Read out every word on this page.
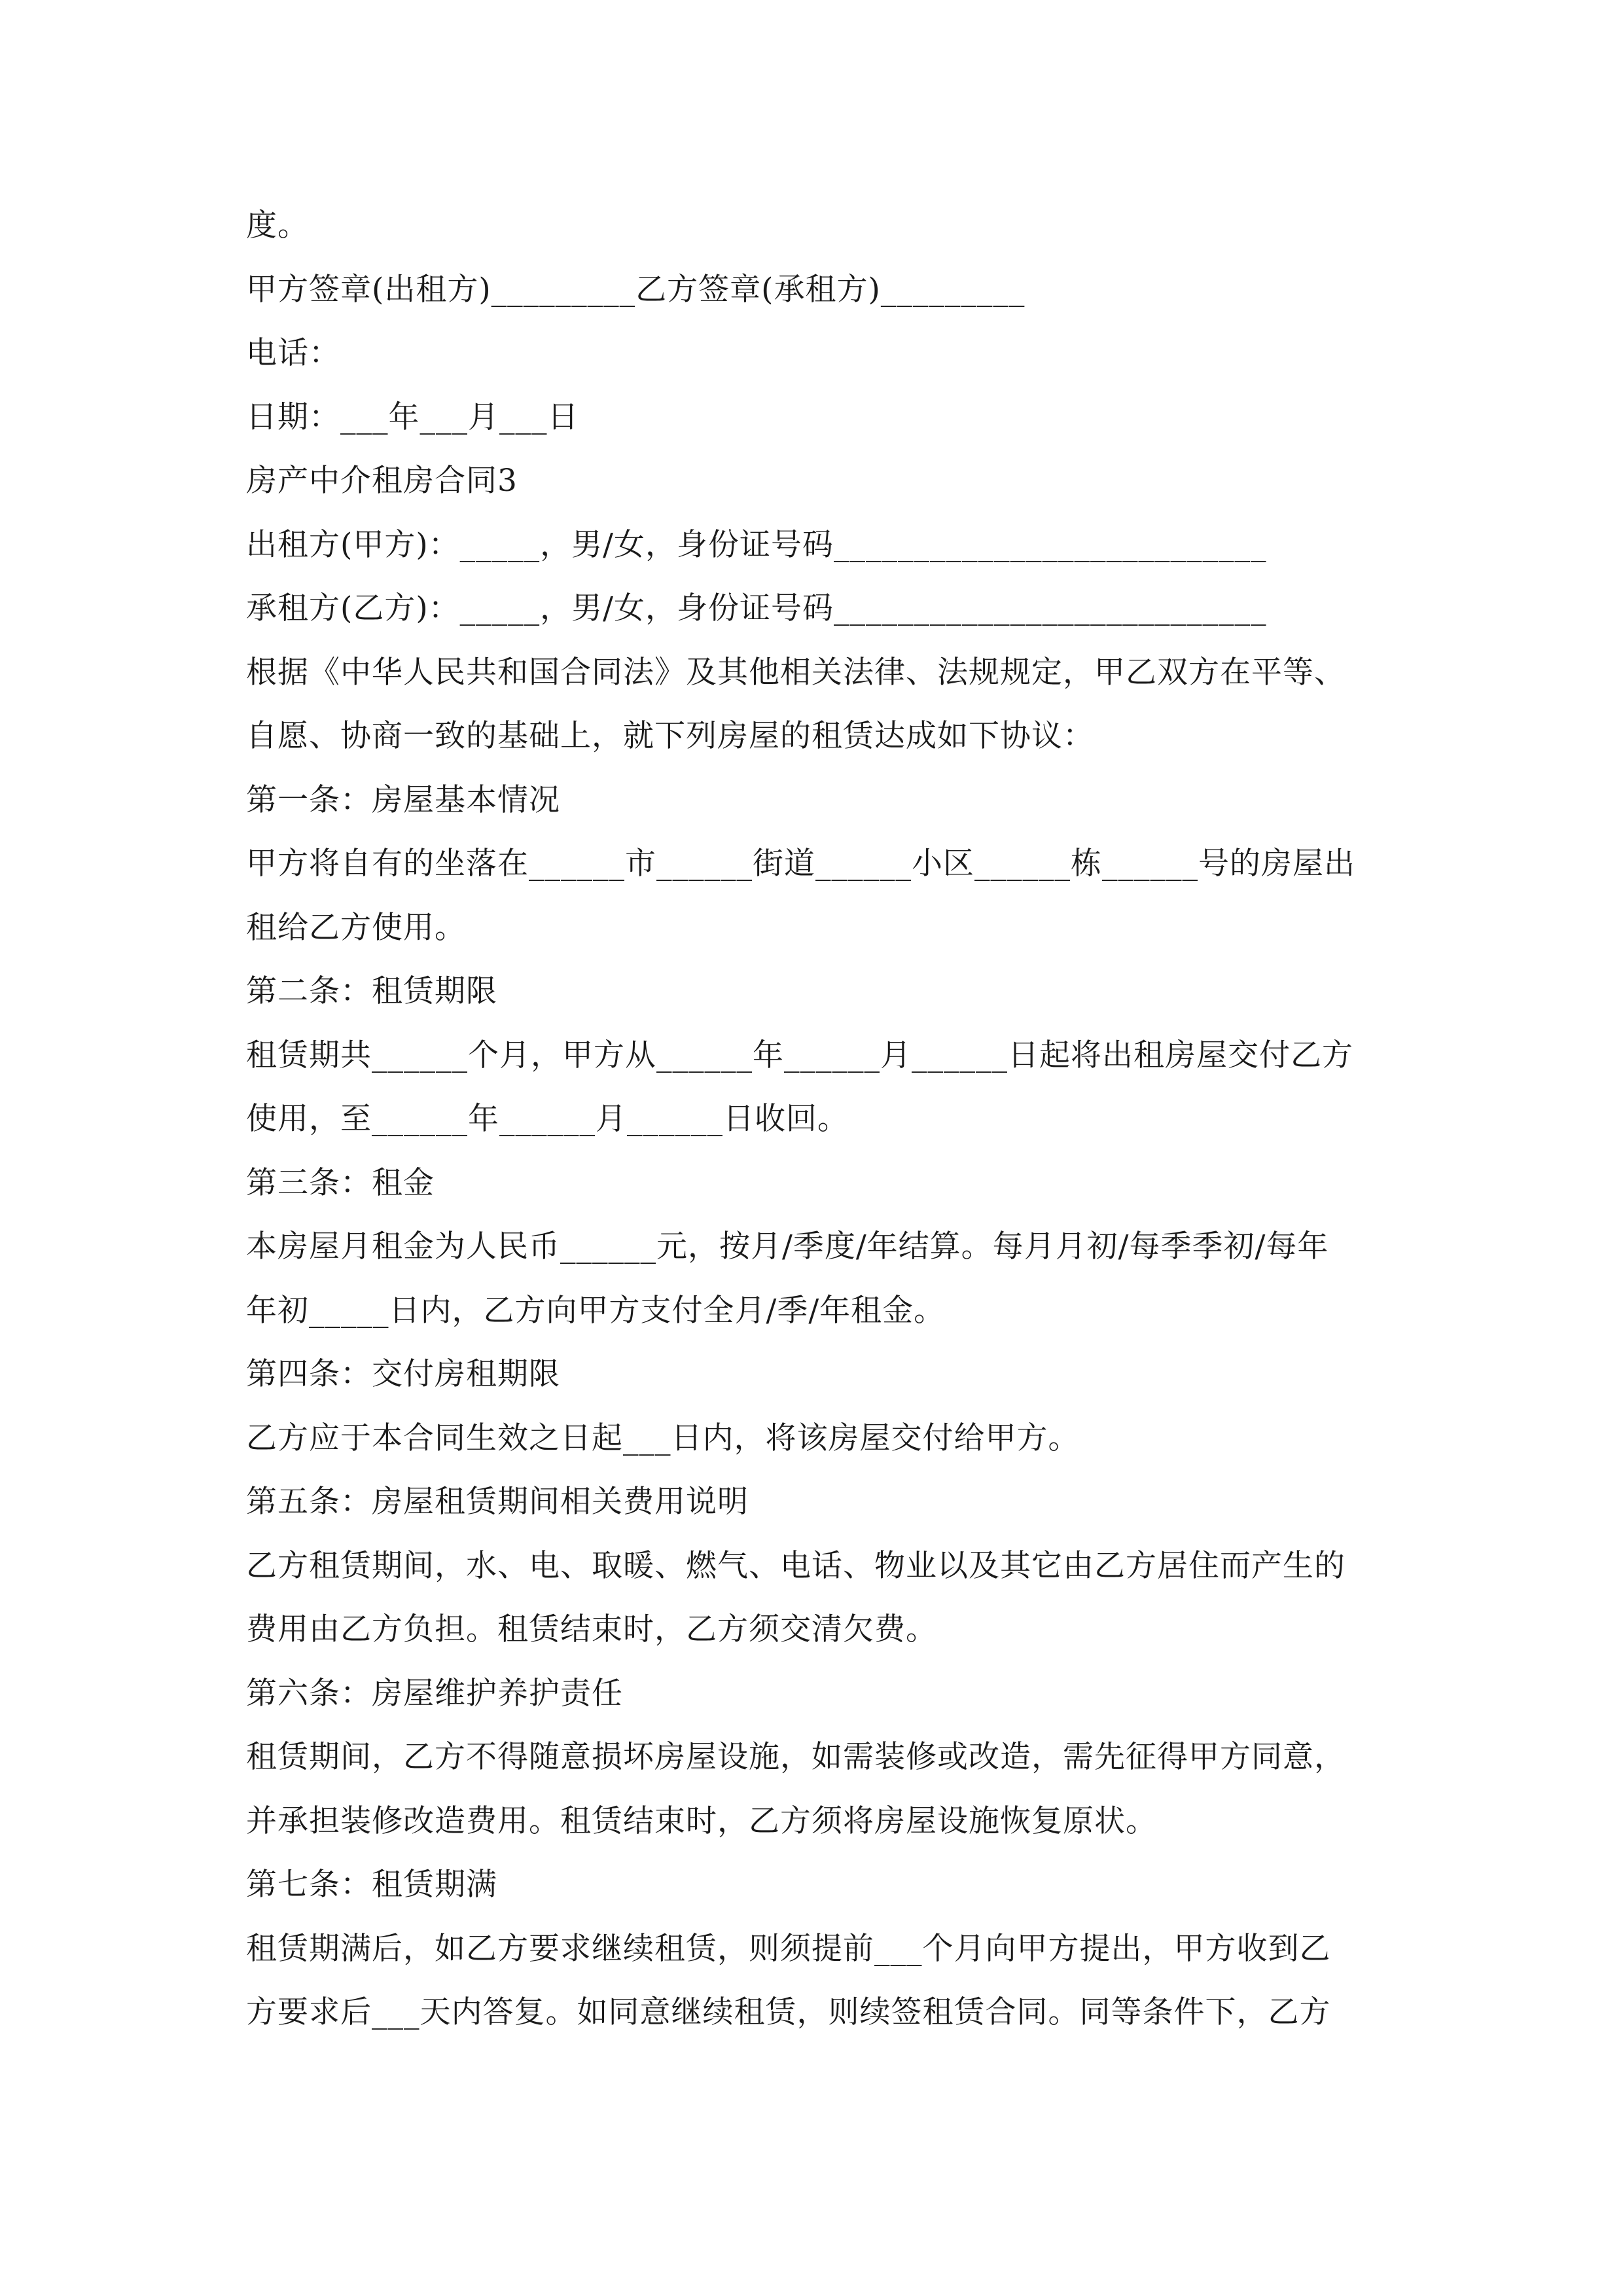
度。
甲方签章(出租方)_________乙方签章(承租方)_________
电话：
日期：___年___月___日
房产中介租房合同3
出租方(甲方)：_____，男/女，身份证号码___________________________
承租方(乙方)：_____，男/女，身份证号码___________________________
根据《中华人民共和国合同法》及其他相关法律、法规规定，甲乙双方在平等、
自愿、协商一致的基础上，就下列房屋的租赁达成如下协议：
第一条：房屋基本情况
甲方将自有的坐落在______市______街道______小区______栋______号的房屋出
租给乙方使用。
第二条：租赁期限
租赁期共______个月，甲方从______年______月______日起将出租房屋交付乙方
使用，至______年______月______日收回。
第三条：租金
本房屋月租金为人民币______元，按月/季度/年结算。每月月初/每季季初/每年
年初_____日内，乙方向甲方支付全月/季/年租金。
第四条：交付房租期限
乙方应于本合同生效之日起___日内，将该房屋交付给甲方。
第五条：房屋租赁期间相关费用说明
乙方租赁期间，水、电、取暖、燃气、电话、物业以及其它由乙方居住而产生的
费用由乙方负担。租赁结束时，乙方须交清欠费。
第六条：房屋维护养护责任
租赁期间，乙方不得随意损坏房屋设施，如需装修或改造，需先征得甲方同意，
并承担装修改造费用。租赁结束时，乙方须将房屋设施恢复原状。
第七条：租赁期满
租赁期满后，如乙方要求继续租赁，则须提前___个月向甲方提出，甲方收到乙
方要求后___天内答复。如同意继续租赁，则续签租赁合同。同等条件下，乙方
